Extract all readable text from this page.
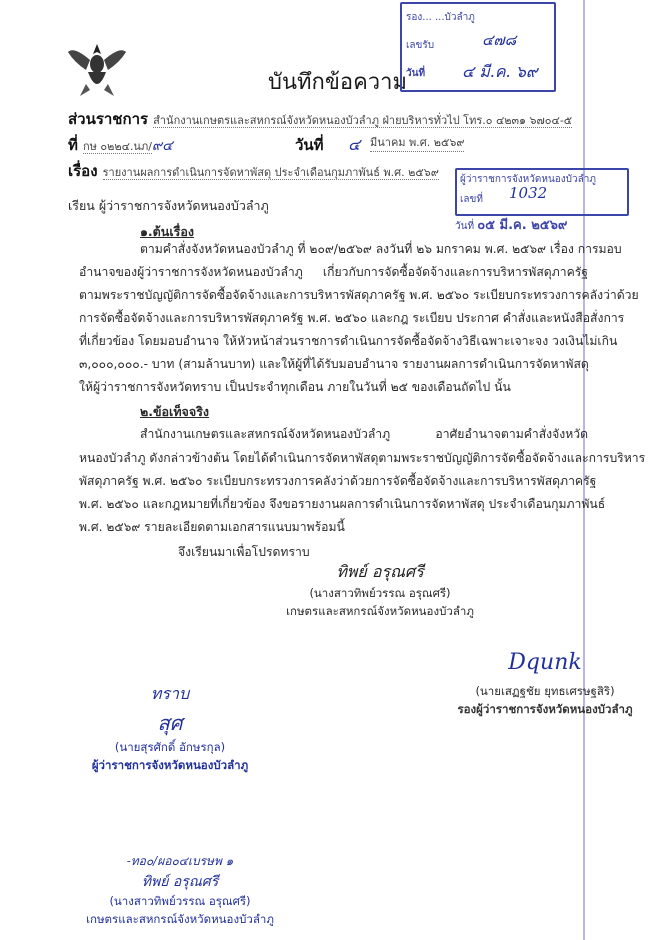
บันทึกข้อความ
รอง... ...บัวลำภู
เลขรับ	๔๗๘
วันที่ ๔ มี.ค. ๖๙
ส่วนราชการ สำนักงานเกษตรและสหกรณ์จังหวัดหนองบัวลำภู ฝ่ายบริหารทั่วไป โทร.๐ ๔๒๓๑ ๖๗๐๔-๕
ที่ กษ ๐๒๒๔.นภ/๙๔	วันที่ ๔ มีนาคม พ.ศ. ๒๕๖๙
เรื่อง รายงานผลการดำเนินการจัดหาพัสดุ ประจำเดือนกุมภาพันธ์ พ.ศ. ๒๕๖๙
เรียน ผู้ว่าราชการจังหวัดหนองบัวลำภู
ผู้ว่าราชการจังหวัดหนองบัวลำภู
เลขที่ 1032
วันที่ ๐๕ มี.ค. ๒๕๖๙
๑.ต้นเรื่อง
ตามคำสั่งจังหวัดหนองบัวลำภู ที่ ๒๐๙/๒๕๖๙ ลงวันที่ ๒๖ มกราคม พ.ศ. ๒๕๖๙ เรื่อง การมอบ
อำนาจของผู้ว่าราชการจังหวัดหนองบัวลำภู เกี่ยวกับการจัดซื้อจัดจ้างและการบริหารพัสดุภาครัฐ
ตามพระราชบัญญัติการจัดซื้อจัดจ้างและการบริหารพัสดุภาครัฐ พ.ศ. ๒๕๖๐ ระเบียบกระทรวงการคลังว่าด้วย
การจัดซื้อจัดจ้างและการบริหารพัสดุภาครัฐ พ.ศ. ๒๕๖๐ และกฎ ระเบียบ ประกาศ คำสั่งและหนังสือสั่งการ
ที่เกี่ยวข้อง โดยมอบอำนาจ ให้หัวหน้าส่วนราชการดำเนินการจัดซื้อจัดจ้างวิธีเฉพาะเจาะจง วงเงินไม่เกิน
๓,๐๐๐,๐๐๐.- บาท (สามล้านบาท) และให้ผู้ที่ได้รับมอบอำนาจ รายงานผลการดำเนินการจัดหาพัสดุ
ให้ผู้ว่าราชการจังหวัดทราบ เป็นประจำทุกเดือน ภายในวันที่ ๒๕ ของเดือนถัดไป นั้น
๒.ข้อเท็จจริง
สำนักงานเกษตรและสหกรณ์จังหวัดหนองบัวลำภู อาศัยอำนาจตามคำสั่งจังหวัด
หนองบัวลำภู ดังกล่าวข้างต้น โดยได้ดำเนินการจัดหาพัสดุตามพระราชบัญญัติการจัดซื้อจัดจ้างและการบริหาร
พัสดุภาครัฐ พ.ศ. ๒๕๖๐ ระเบียบกระทรวงการคลังว่าด้วยการจัดซื้อจัดจ้างและการบริหารพัสดุภาครัฐ
พ.ศ. ๒๕๖๐ และกฎหมายที่เกี่ยวข้อง จึงขอรายงานผลการดำเนินการจัดหาพัสดุ ประจำเดือนกุมภาพันธ์
พ.ศ. ๒๕๖๙ รายละเอียดตามเอกสารแนบมาพร้อมนี้
จึงเรียนมาเพื่อโปรดทราบ
ทิพย์ อรุณศรี
(นางสาวทิพย์วรรณ อรุณศรี)
เกษตรและสหกรณ์จังหวัดหนองบัวลำภู
Dqunk
(นายเสฏฐชัย ยุทธเศรษฐสิริ)
รองผู้ว่าราชการจังหวัดหนองบัวลำภู
ทราบ
สุศ
(นายสุรศักดิ์ อักษรกุล)
ผู้ว่าราชการจังหวัดหนองบัวลำภู
-ทอ๐/ผอ๐๔เบรษพ ๑
ทิพย์ อรุณศรี
(นางสาวทิพย์วรรณ อรุณศรี)
เกษตรและสหกรณ์จังหวัดหนองบัวลำภู
